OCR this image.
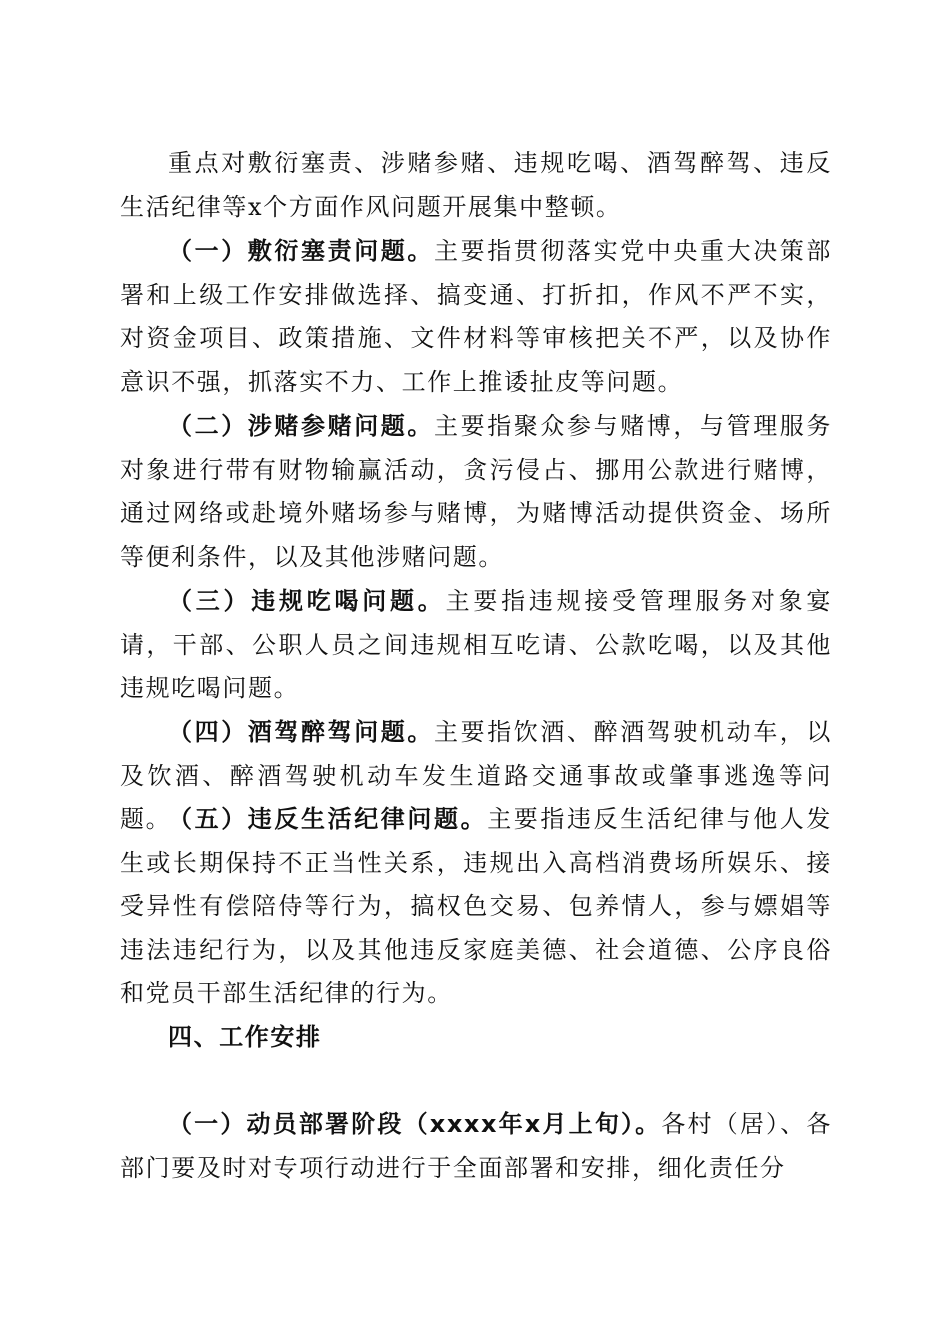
重点对敷衍塞责、涉赌参赌、违规吃喝、酒驾醉驾、违反生活纪律等x个方面作风问题开展集中整顿。

（一）敷衍塞责问题。主要指贯彻落实党中央重大决策部署和上级工作安排做选择、搞变通、打折扣，作风不严不实，对资金项目、政策措施、文件材料等审核把关不严，以及协作意识不强，抓落实不力、工作上推诿扯皮等问题。

（二）涉赌参赌问题。主要指聚众参与赌博，与管理服务对象进行带有财物输赢活动，贪污侵占、挪用公款进行赌博，通过网络或赴境外赌场参与赌博，为赌博活动提供资金、场所等便利条件，以及其他涉赌问题。

（三）违规吃喝问题。主要指违规接受管理服务对象宴请，干部、公职人员之间违规相互吃请、公款吃喝，以及其他违规吃喝问题。

（四）酒驾醉驾问题。主要指饮酒、醉酒驾驶机动车，以及饮酒、醉酒驾驶机动车发生道路交通事故或肇事逃逸等问题。

（五）违反生活纪律问题。主要指违反生活纪律与他人发生或长期保持不正当性关系，违规出入高档消费场所娱乐、接受异性有偿陪侍等行为，搞权色交易、包养情人，参与嫖娼等违法违纪行为，以及其他违反家庭美德、社会道德、公序良俗和党员干部生活纪律的行为。

四、工作安排

（一）动员部署阶段（xxxx年x月上旬）。各村（居）、各部门要及时对专项行动进行于全面部署和安排，细化责任分
